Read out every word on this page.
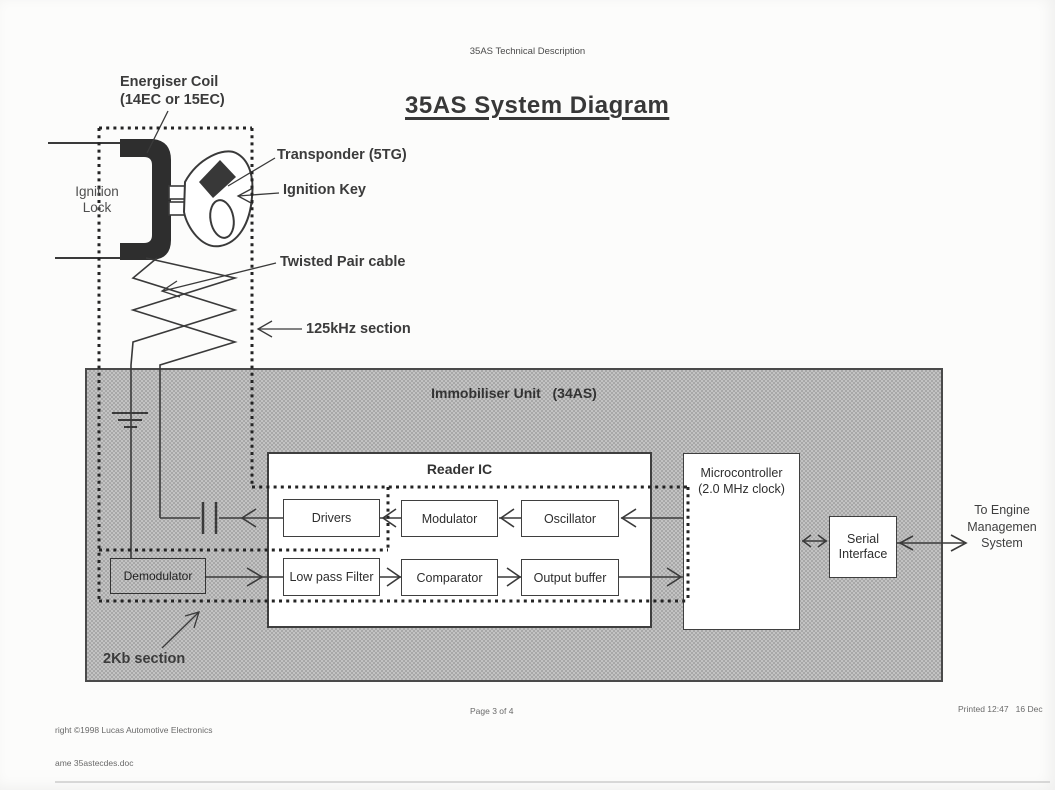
35AS Technical Description
35AS System Diagram
Immobiliser Unit   (34AS)
Reader IC
Drivers	Modulator	Oscillator
Low pass Filter	Comparator	Output buffer
Demodulator
Microcontroller
(2.0 MHz clock)
Serial
Interface
Energiser Coil
(14EC or 15EC)
Ignition
Lock
Transponder (5TG)
Ignition Key
Twisted Pair cable
125kHz section
2Kb section
To Engine
Managemen
System

right ©1998 Lucas Automotive Electronics

ame 35astecdes.doc

Page 3 of 4	Printed 12:47   16 Dec
